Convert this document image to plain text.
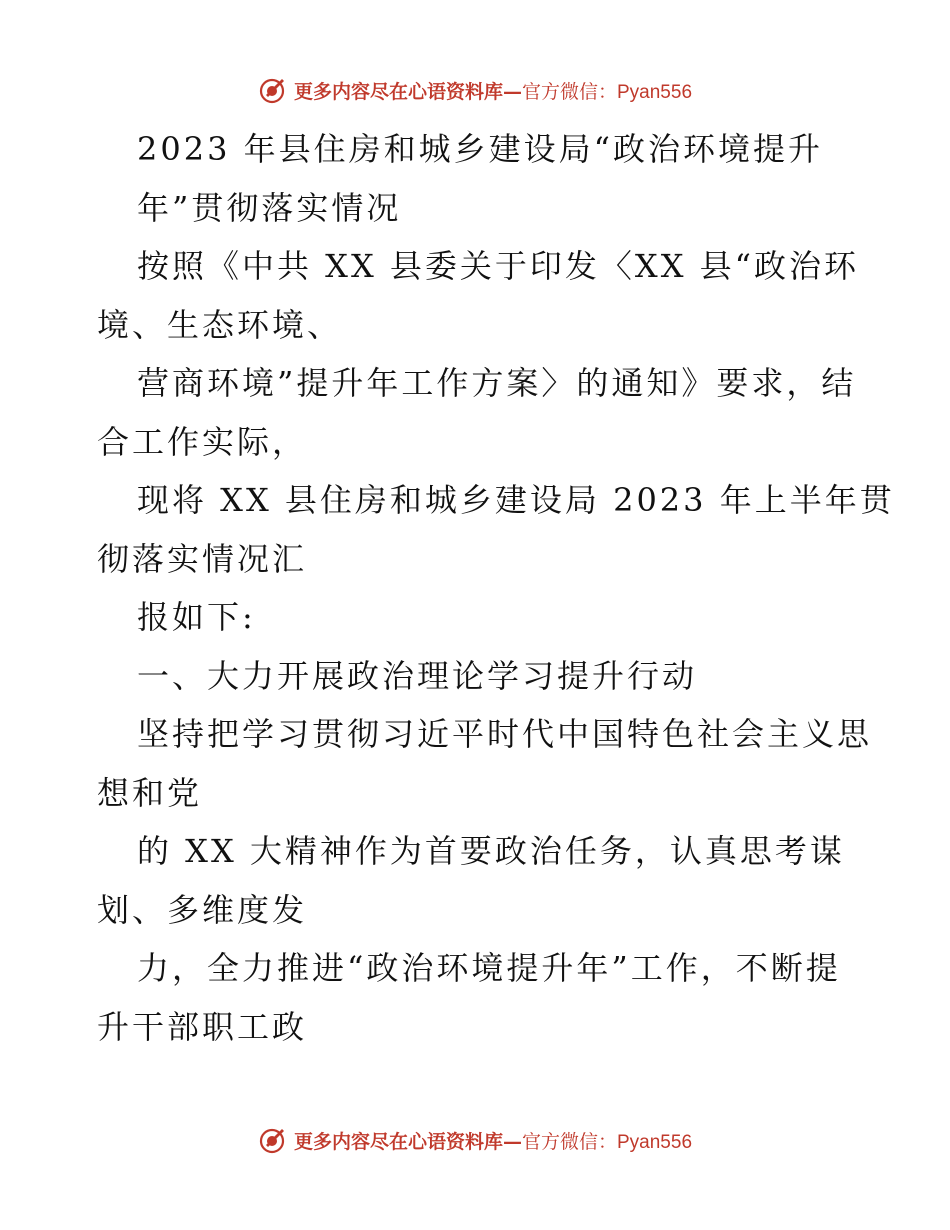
更多内容尽在心语资料库—官方微信：Pyan556
2023 年县住房和城乡建设局“政治环境提升
年”贯彻落实情况
按照《中共 XX 县委关于印发〈XX 县“政治环
境、生态环境、
营商环境”提升年工作方案〉的通知》要求，结
合工作实际，
现将 XX 县住房和城乡建设局 2023 年上半年贯
彻落实情况汇
报如下:
一、大力开展政治理论学习提升行动
坚持把学习贯彻习近平时代中国特色社会主义思
想和党
的 XX 大精神作为首要政治任务，认真思考谋
划、多维度发
力，全力推进“政治环境提升年”工作，不断提
升干部职工政
更多内容尽在心语资料库—官方微信：Pyan556
